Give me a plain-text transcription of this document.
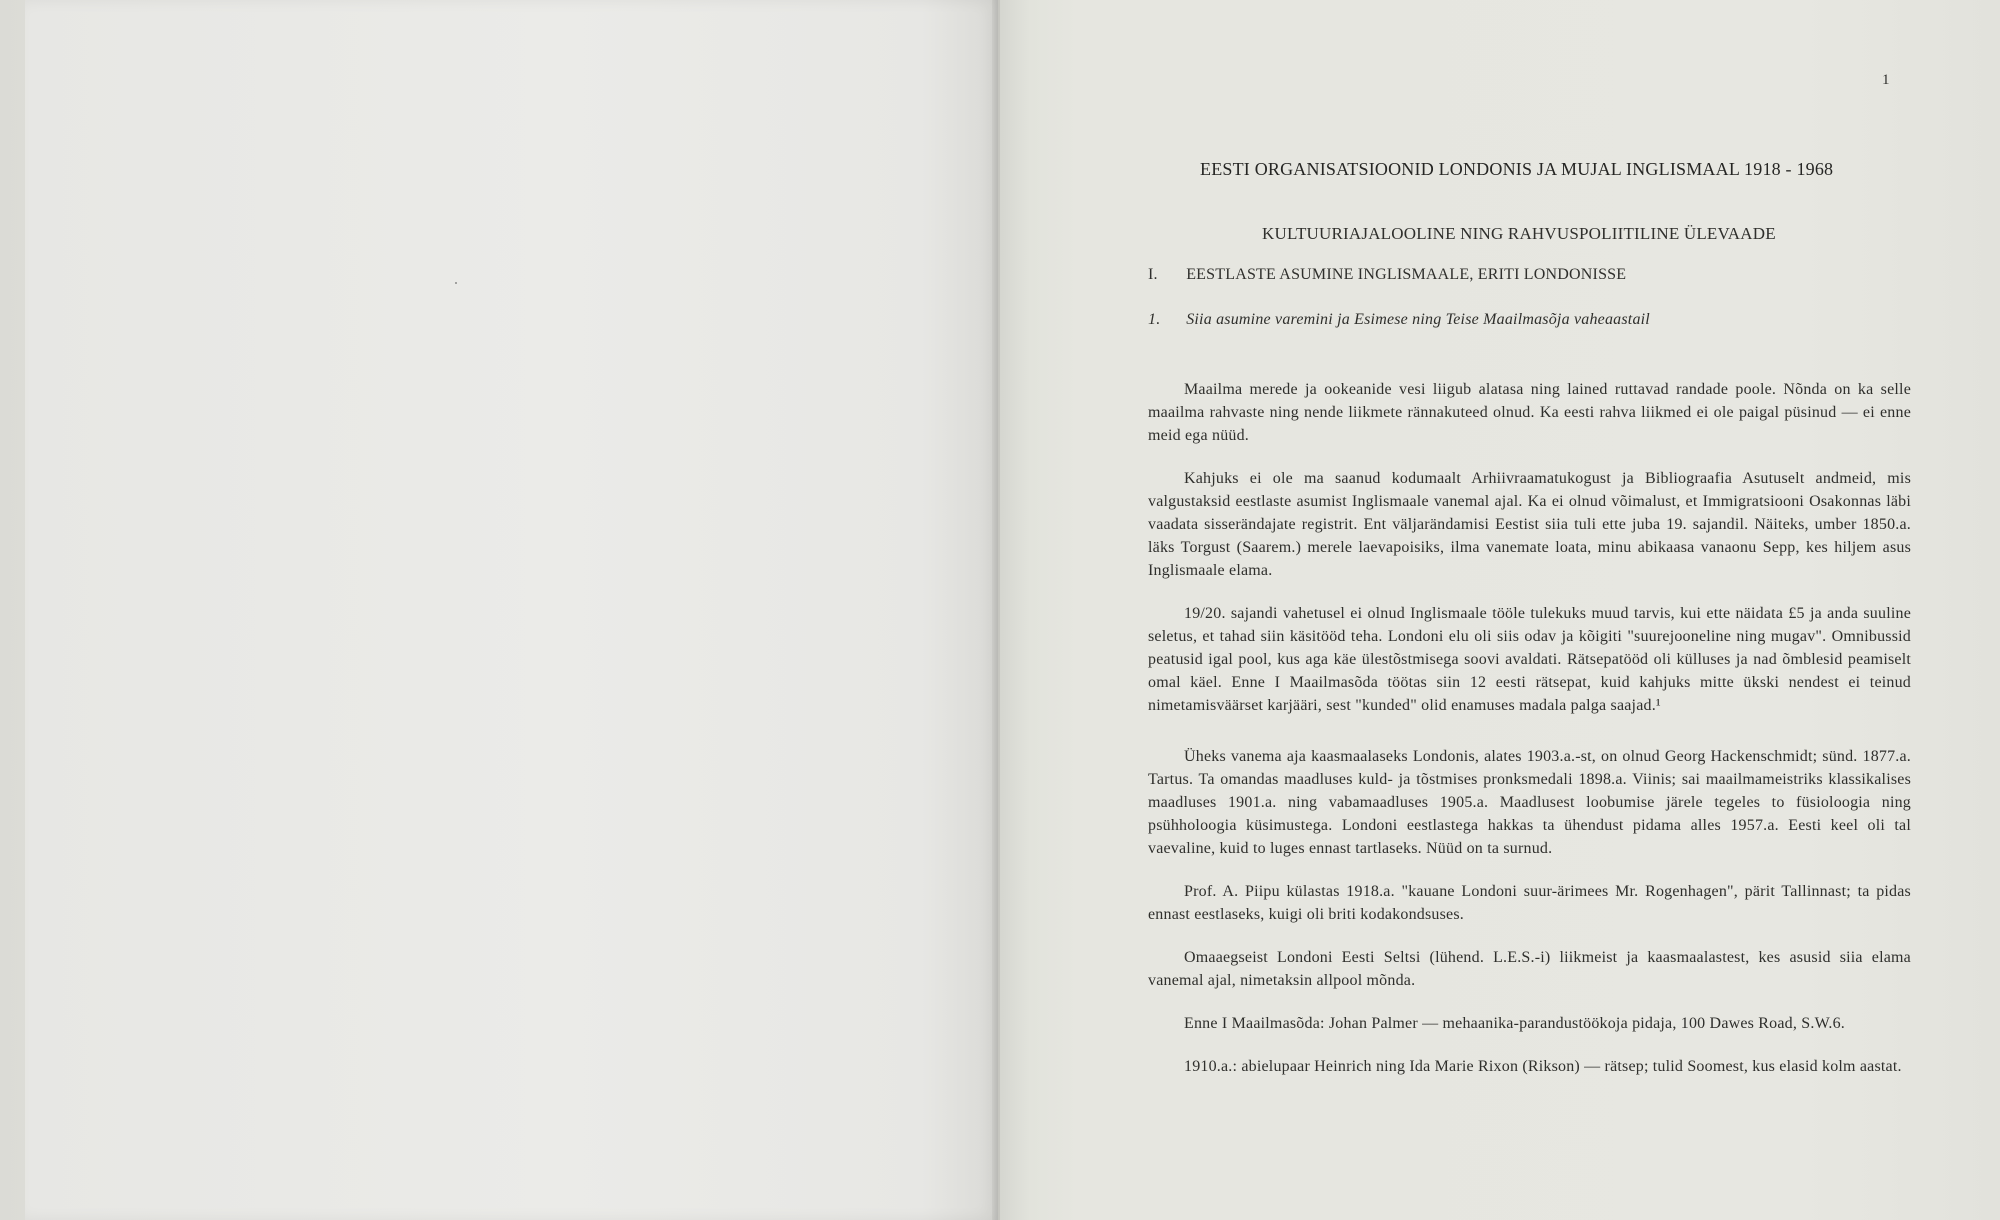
1
EESTI ORGANISATSIOONID LONDONIS JA MUJAL INGLISMAAL 1918 - 1968
KULTUURIAJALOOLINE NING RAHVUSPOLIITILINE ÜLEVAADE
I. EESTLASTE ASUMINE INGLISMAALE, ERITI LONDONISSE
1. Siia asumine varemini ja Esimese ning Teise Maailmasõja vaheaastail

Maailma merede ja ookeanide vesi liigub alatasa ning lained ruttavad randade poole. Nõnda on ka selle maailma rahvaste ning nende liikmete rännakuteed olnud. Ka eesti rahva liikmed ei ole paigal püsinud — ei enne meid ega nüüd.

Kahjuks ei ole ma saanud kodumaalt Arhiivraamatukogust ja Bibliograafia Asutuselt andmeid, mis valgustaksid eestlaste asumist Inglismaale vanemal ajal. Ka ei olnud võimalust, et Immigratsiooni Osakonnas läbi vaadata sisserändajate registrit. Ent väljarändamisi Eestist siia tuli ette juba 19. sajandil. Näiteks, umber 1850.a. läks Torgust (Saarem.) merele laevapoisiks, ilma vanemate loata, minu abikaasa vanaonu Sepp, kes hiljem asus Inglismaale elama.

19/20. sajandi vahetusel ei olnud Inglismaale tööle tulekuks muud tarvis, kui ette näidata £5 ja anda suuline seletus, et tahad siin käsitööd teha. Londoni elu oli siis odav ja kõigiti "suurejooneline ning mugav". Omnibussid peatusid igal pool, kus aga käe ülestõstmisega soovi avaldati. Rätsepatööd oli külluses ja nad õmblesid peamiselt omal käel. Enne I Maailmasõda töötas siin 12 eesti rätsepat, kuid kahjuks mitte ükski nendest ei teinud nimetamisväärset karjääri, sest "kunded" olid enamuses madala palga saajad.¹

Üheks vanema aja kaasmaalaseks Londonis, alates 1903.a.-st, on olnud Georg Hackenschmidt; sünd. 1877.a. Tartus. Ta omandas maadluses kuld- ja tõstmises pronksmedali 1898.a. Viinis; sai maailmameistriks klassikalises maadluses 1901.a. ning vabamaadluses 1905.a. Maadlusest loobumise järele tegeles to füsioloogia ning psühholoogia küsimustega. Londoni eestlastega hakkas ta ühendust pidama alles 1957.a. Eesti keel oli tal vaevaline, kuid to luges ennast tartlaseks. Nüüd on ta surnud.

Prof. A. Piipu külastas 1918.a. "kauane Londoni suur-ärimees Mr. Rogenhagen", pärit Tallinnast; ta pidas ennast eestlaseks, kuigi oli briti kodakondsuses.

Omaaegseist Londoni Eesti Seltsi (lühend. L.E.S.-i) liikmeist ja kaasmaalastest, kes asusid siia elama vanemal ajal, nimetaksin allpool mõnda.

Enne I Maailmasõda: Johan Palmer — mehaanika-parandustöökoja pidaja, 100 Dawes Road, S.W.6.

1910.a.: abielupaar Heinrich ning Ida Marie Rixon (Rikson) — rätsep; tulid Soomest, kus elasid kolm aastat.
